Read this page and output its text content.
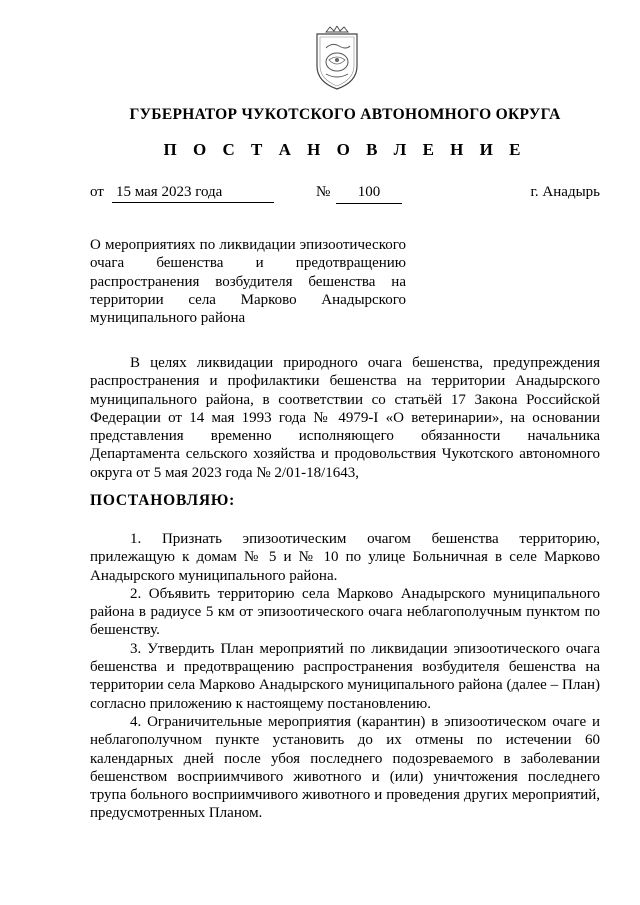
ГУБЕРНАТОР ЧУКОТСКОГО АВТОНОМНОГО ОКРУГА
П О С Т А Н О В Л Е Н И Е
от 15 мая 2023 года	№	100	г. Анадырь
О мероприятиях по ликвидации эпизоотического очага бешенства и предотвращению распространения возбудителя бешенства на территории села Марково Анадырского муниципального района

В целях ликвидации природного очага бешенства, предупреждения распространения и профилактики бешенства на территории Анадырского муниципального района, в соответствии со статьёй 17 Закона Российской Федерации от 14 мая 1993 года № 4979-I «О ветеринарии», на основании представления временно исполняющего обязанности начальника Департамента сельского хозяйства и продовольствия Чукотского автономного округа от 5 мая 2023 года № 2/01-18/1643,

ПОСТАНОВЛЯЮ:

1. Признать эпизоотическим очагом бешенства территорию, прилежащую к домам № 5 и № 10 по улице Больничная в селе Марково Анадырского муниципального района.

2. Объявить территорию села Марково Анадырского муниципального района в радиусе 5 км от эпизоотического очага неблагополучным пунктом по бешенству.

3. Утвердить План мероприятий по ликвидации эпизоотического очага бешенства и предотвращению распространения возбудителя бешенства на территории села Марково Анадырского муниципального района (далее – План) согласно приложению к настоящему постановлению.

4. Ограничительные мероприятия (карантин) в эпизоотическом очаге и неблагополучном пункте установить до их отмены по истечении 60 календарных дней после убоя последнего подозреваемого в заболевании бешенством восприимчивого животного и (или) уничтожения последнего трупа больного восприимчивого животного и проведения других мероприятий, предусмотренных Планом.
